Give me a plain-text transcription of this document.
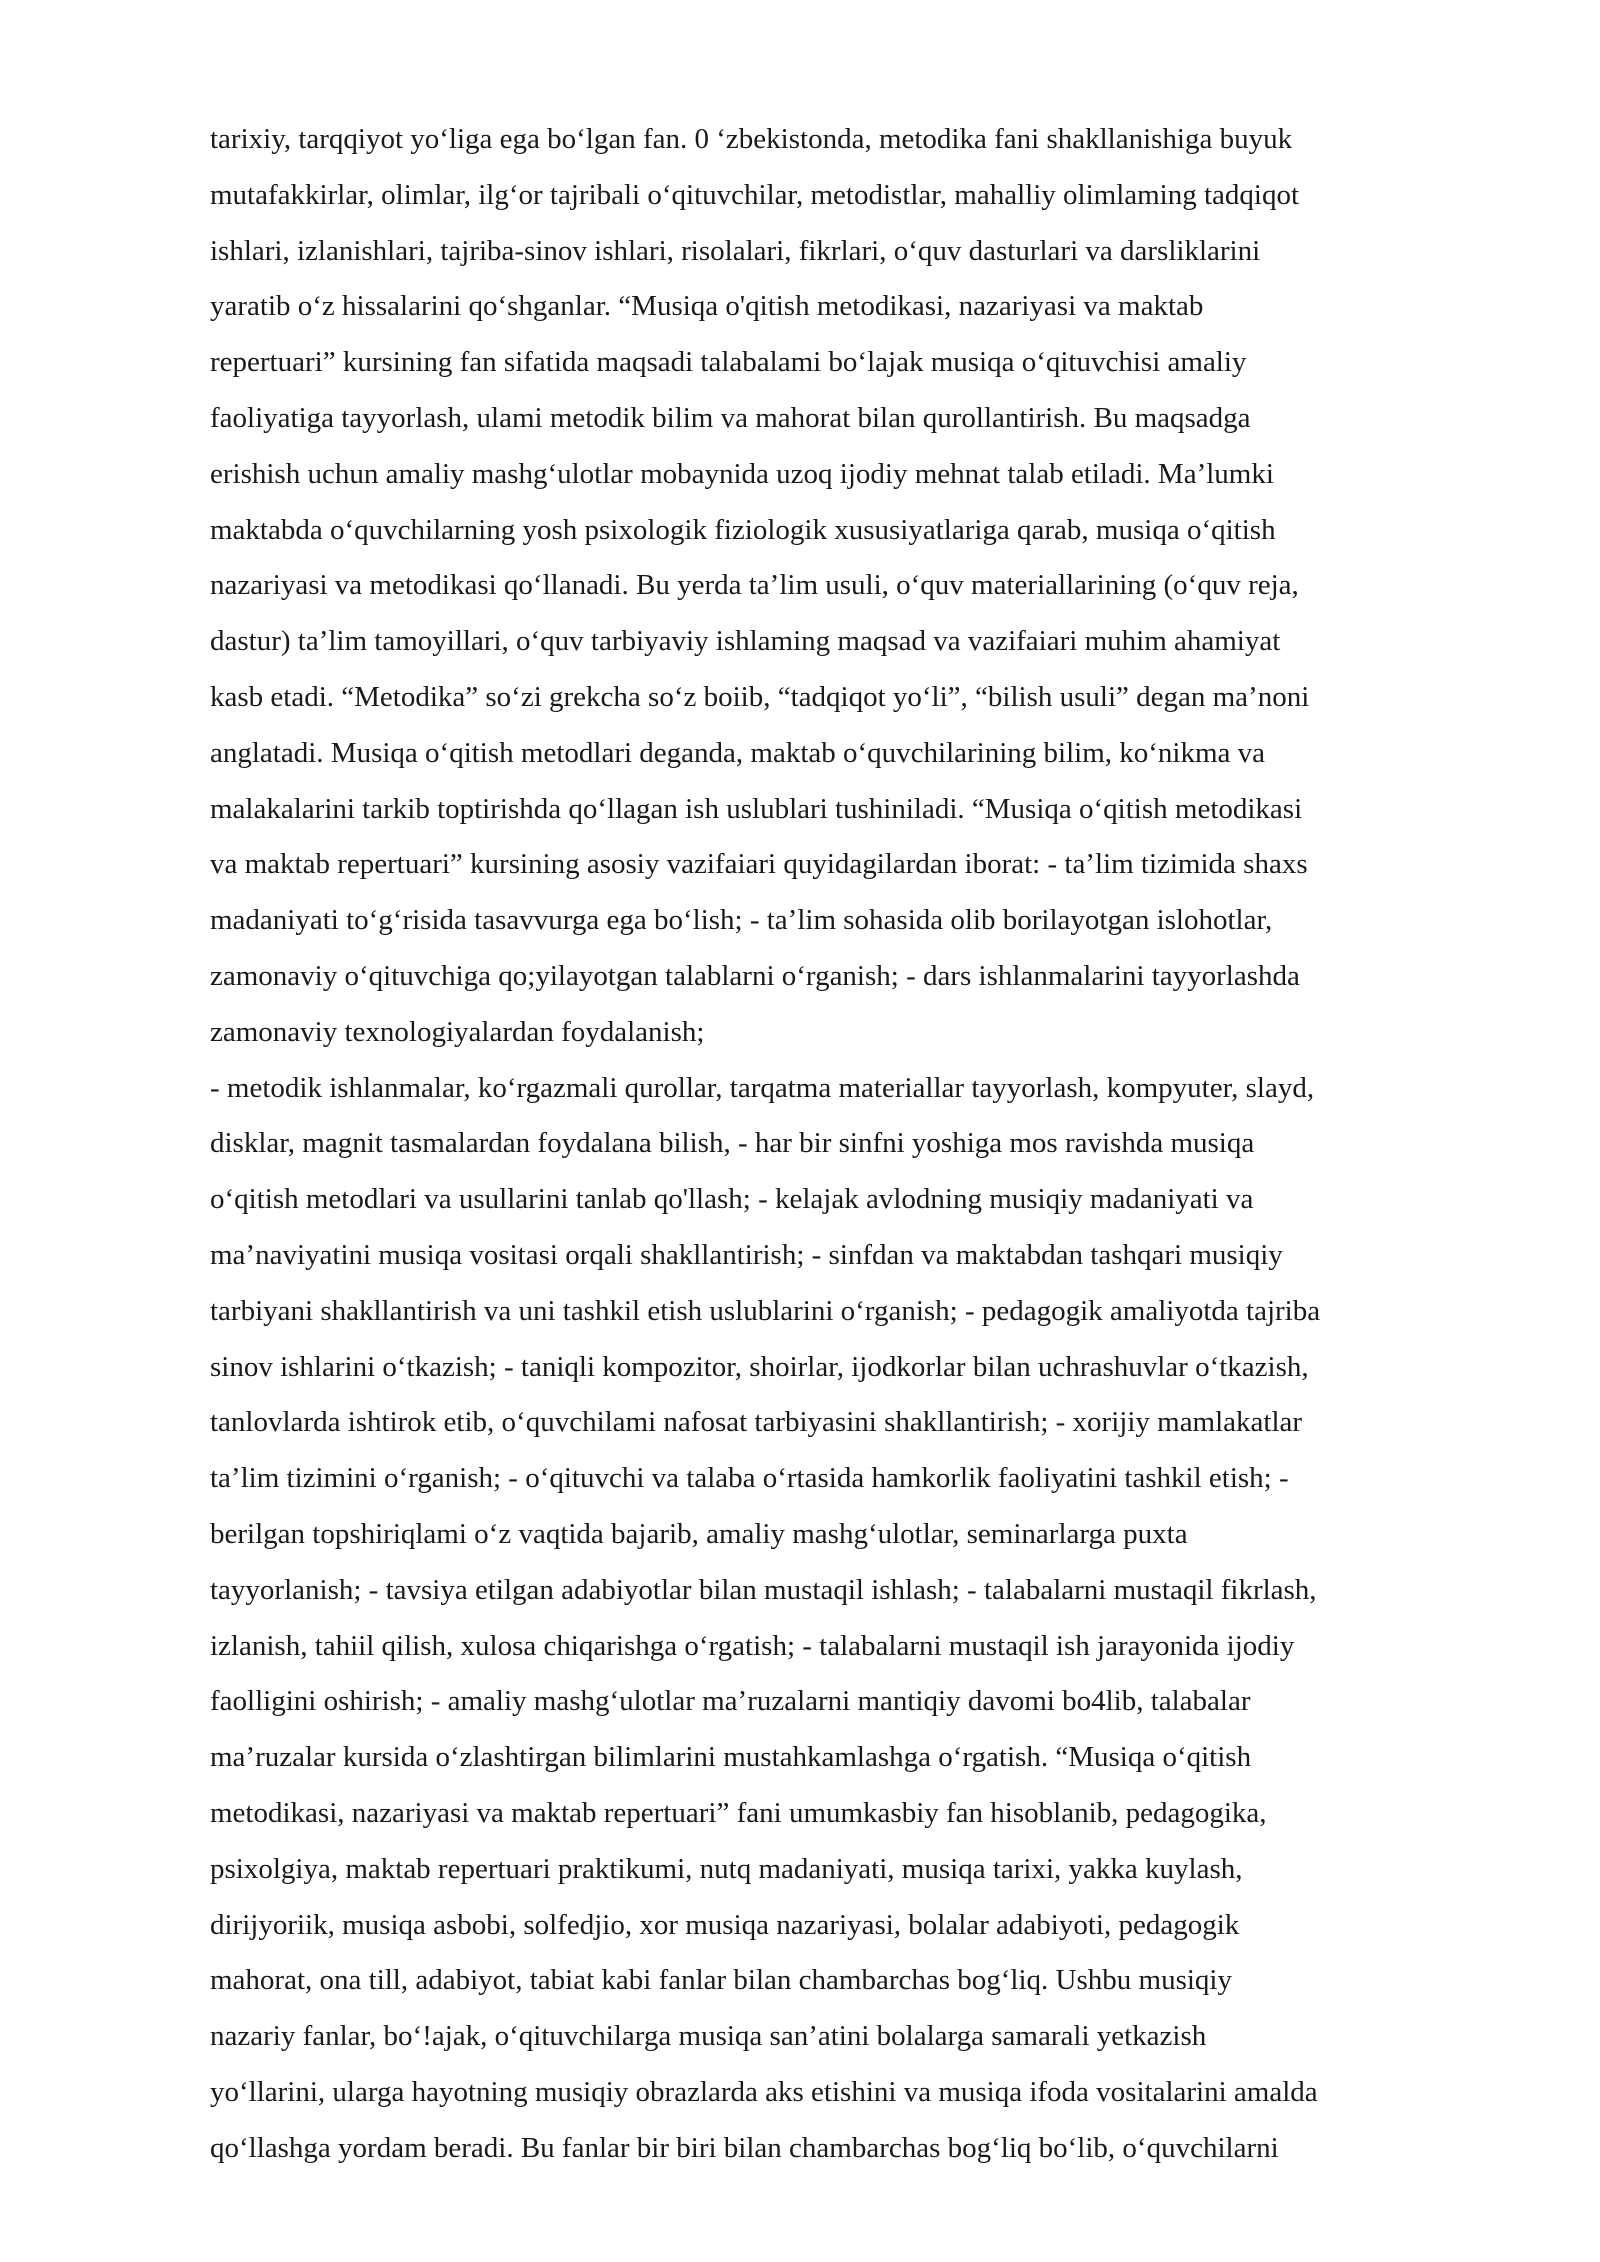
tarixiy, tarqqiyot yo‘liga ega bo‘lgan fan. 0 ‘zbekistonda, metodika fani shakllanishiga buyuk
mutafakkirlar, olimlar, ilg‘or tajribali o‘qituvchilar, metodistlar, mahalliy olimlaming tadqiqot
ishlari, izlanishlari, tajriba-sinov ishlari, risolalari, fikrlari, o‘quv dasturlari va darsliklarini
yaratib o‘z hissalarini qo‘shganlar. “Musiqa o'qitish metodikasi, nazariyasi va maktab
repertuari” kursining fan sifatida maqsadi talabalami bo‘lajak musiqa o‘qituvchisi amaliy
faoliyatiga tayyorlash, ulami metodik bilim va mahorat bilan qurollantirish. Bu maqsadga
erishish uchun amaliy mashg‘ulotlar mobaynida uzoq ijodiy mehnat talab etiladi. Ma’lumki
maktabda o‘quvchilarning yosh psixologik fiziologik xususiyatlariga qarab, musiqa o‘qitish
nazariyasi va metodikasi qo‘llanadi. Bu yerda ta’lim usuli, o‘quv materiallarining (o‘quv reja,
dastur) ta’lim tamoyillari, o‘quv tarbiyaviy ishlaming maqsad va vazifaiari muhim ahamiyat
kasb etadi. “Metodika” so‘zi grekcha so‘z boiib, “tadqiqot yo‘li”, “bilish usuli” degan ma’noni
anglatadi. Musiqa o‘qitish metodlari deganda, maktab o‘quvchilarining bilim, ko‘nikma va
malakalarini tarkib toptirishda qo‘llagan ish uslublari tushiniladi. “Musiqa o‘qitish metodikasi
va maktab repertuari” kursining asosiy vazifaiari quyidagilardan iborat: - ta’lim tizimida shaxs
madaniyati to‘g‘risida tasavvurga ega bo‘lish; - ta’lim sohasida olib borilayotgan islohotlar,
zamonaviy o‘qituvchiga qo;yilayotgan talablarni o‘rganish; - dars ishlanmalarini tayyorlashda
zamonaviy texnologiyalardan foydalanish;
- metodik ishlanmalar, ko‘rgazmali qurollar, tarqatma materiallar tayyorlash, kompyuter, slayd,
disklar, magnit tasmalardan foydalana bilish, - har bir sinfni yoshiga mos ravishda musiqa
o‘qitish metodlari va usullarini tanlab qo'llash; - kelajak avlodning musiqiy madaniyati va
ma’naviyatini musiqa vositasi orqali shakllantirish; - sinfdan va maktabdan tashqari musiqiy
tarbiyani shakllantirish va uni tashkil etish uslublarini o‘rganish; - pedagogik amaliyotda tajriba
sinov ishlarini o‘tkazish; - taniqli kompozitor, shoirlar, ijodkorlar bilan uchrashuvlar o‘tkazish,
tanlovlarda ishtirok etib, o‘quvchilami nafosat tarbiyasini shakllantirish; - xorijiy mamlakatlar
ta’lim tizimini o‘rganish; - o‘qituvchi va talaba o‘rtasida hamkorlik faoliyatini tashkil etish; -
berilgan topshiriqlami o‘z vaqtida bajarib, amaliy mashg‘ulotlar, seminarlarga puxta
tayyorlanish; - tavsiya etilgan adabiyotlar bilan mustaqil ishlash; - talabalarni mustaqil fikrlash,
izlanish, tahiil qilish, xulosa chiqarishga o‘rgatish; - talabalarni mustaqil ish jarayonida ijodiy
faolligini oshirish; - amaliy mashg‘ulotlar ma’ruzalarni mantiqiy davomi bo4lib, talabalar
ma’ruzalar kursida o‘zlashtirgan bilimlarini mustahkamlashga o‘rgatish. “Musiqa o‘qitish
metodikasi, nazariyasi va maktab repertuari” fani umumkasbiy fan hisoblanib, pedagogika,
psixolgiya, maktab repertuari praktikumi, nutq madaniyati, musiqa tarixi, yakka kuylash,
dirijyoriik, musiqa asbobi, solfedjio, xor musiqa nazariyasi, bolalar adabiyoti, pedagogik
mahorat, ona till, adabiyot, tabiat kabi fanlar bilan chambarchas bog‘liq. Ushbu musiqiy
nazariy fanlar, bo‘!ajak, o‘qituvchilarga musiqa san’atini bolalarga samarali yetkazish
yo‘llarini, ularga hayotning musiqiy obrazlarda aks etishini va musiqa ifoda vositalarini amalda
qo‘llashga yordam beradi. Bu fanlar bir biri bilan chambarchas bog‘liq bo‘lib, o‘quvchilarni
